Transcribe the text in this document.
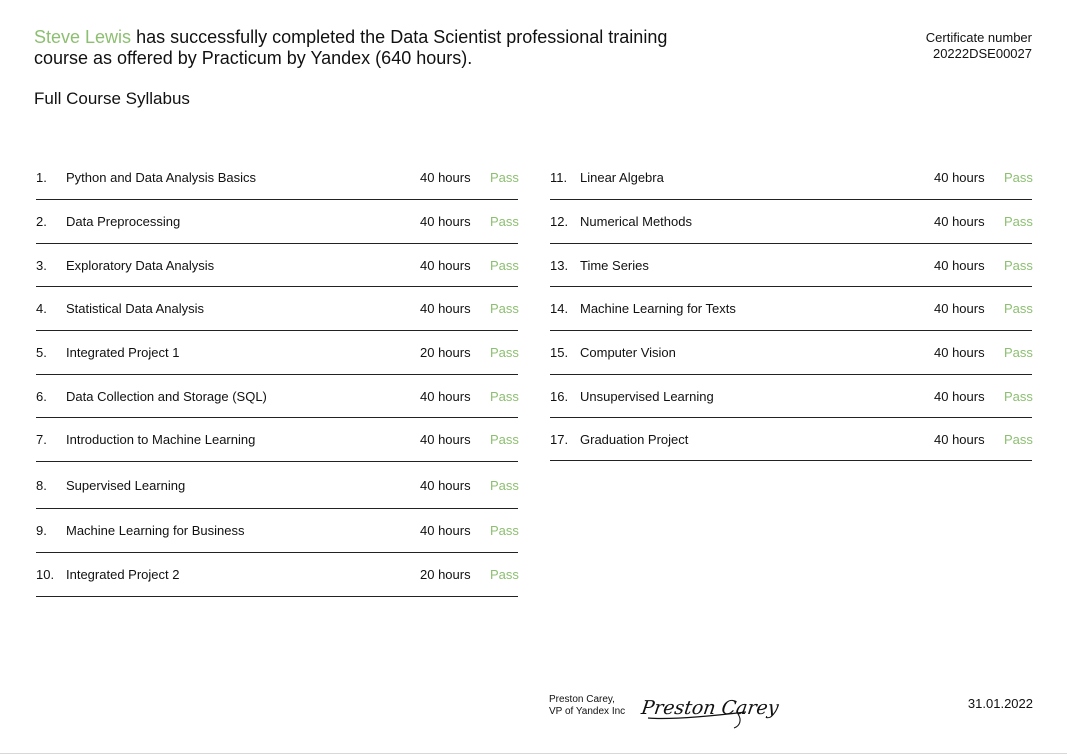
Steve Lewis has successfully completed the Data Scientist professional training course as offered by Practicum by Yandex (640 hours).
Full Course Syllabus
Certificate number
20222DSE00027
1.	Python and Data Analysis Basics	40 hours	Pass
2.	Data Preprocessing	40 hours	Pass
3.	Exploratory Data Analysis	40 hours	Pass
4.	Statistical Data Analysis	40 hours	Pass
5.	Integrated Project 1	20 hours	Pass
6.	Data Collection and Storage (SQL)	40 hours	Pass
7.	Introduction to Machine Learning	40 hours	Pass
8.	Supervised Learning	40 hours	Pass
9.	Machine Learning for Business	40 hours	Pass
10. Integrated Project 2	20 hours	Pass
11. Linear Algebra	40 hours	Pass
12. Numerical Methods	40 hours	Pass
13. Time Series	40 hours	Pass
14. Machine Learning for Texts	40 hours	Pass
15. Computer Vision	40 hours	Pass
16. Unsupervised Learning	40 hours	Pass
17. Graduation Project	40 hours	Pass
Preston Carey,
VP of Yandex Inc Preston Carey	31.01.2022
